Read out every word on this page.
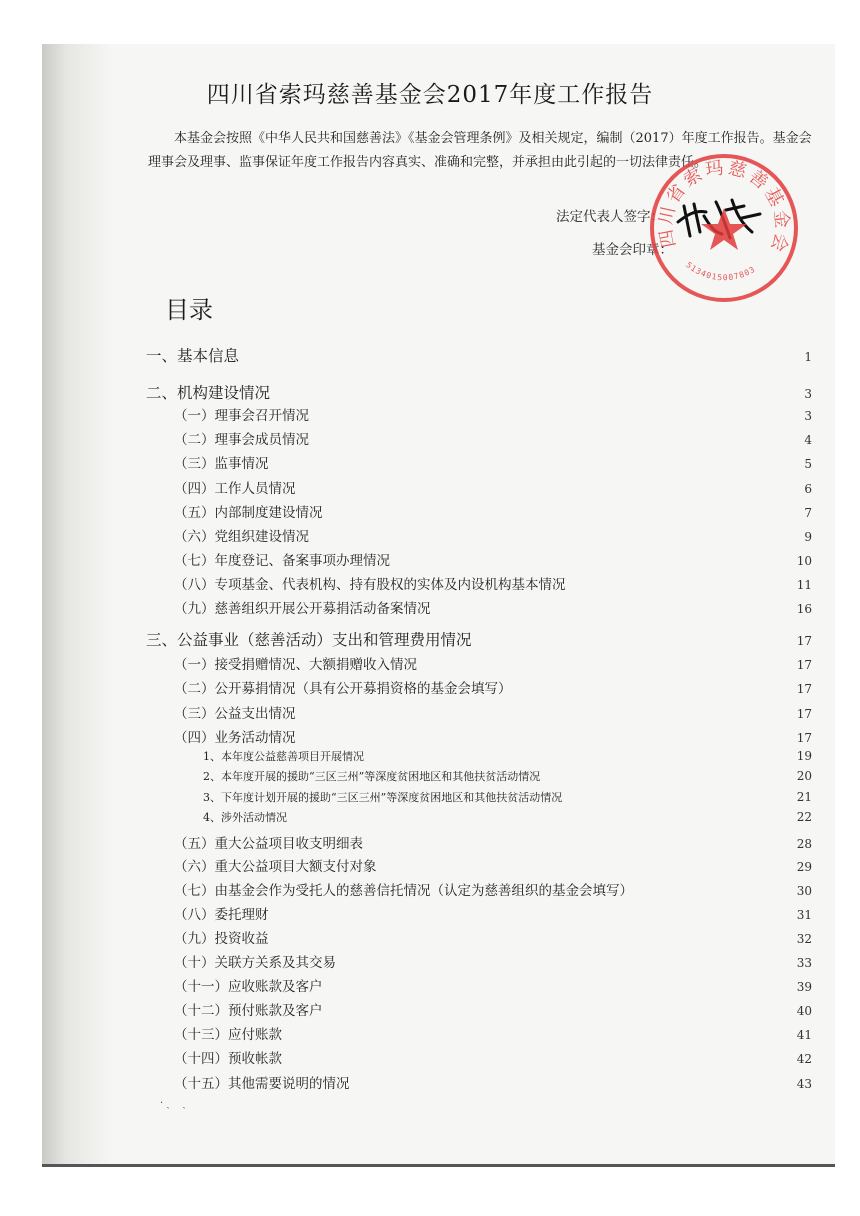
四川省索玛慈善基金会2017年度工作报告
本基金会按照《中华人民共和国慈善法》《基金会管理条例》及相关规定，编制（2017）年度工作报告。基金会理事会及理事、监事保证年度工作报告内容真实、准确和完整，并承担由此引起的一切法律责任。
法定代表人签字：
基金会印章：
四川省索玛慈善基金会
5134015007803
目录
一、基本信息	1
二、机构建设情况	3
（一）理事会召开情况	3
（二）理事会成员情况	4
（三）监事情况	5
（四）工作人员情况	6
（五）内部制度建设情况	7
（六）党组织建设情况	9
（七）年度登记、备案事项办理情况	10
（八）专项基金、代表机构、持有股权的实体及内设机构基本情况	11
（九）慈善组织开展公开募捐活动备案情况	16
三、公益事业（慈善活动）支出和管理费用情况	17
（一）接受捐赠情况、大额捐赠收入情况	17
（二）公开募捐情况（具有公开募捐资格的基金会填写）	17
（三）公益支出情况	17
（四）业务活动情况	17
1、本年度公益慈善项目开展情况	19
2、本年度开展的援助“三区三州”等深度贫困地区和其他扶贫活动情况	20
3、下年度计划开展的援助“三区三州”等深度贫困地区和其他扶贫活动情况	21
4、涉外活动情况	22
（五）重大公益项目收支明细表	28
（六）重大公益项目大额支付对象	29
（七）由基金会作为受托人的慈善信托情况（认定为慈善组织的基金会填写）	30
（八）委托理财	31
（九）投资收益	32
（十）关联方关系及其交易	33
（十一）应收账款及客户	39
（十二）预付账款及客户	40
（十三）应付账款	41
（十四）预收帐款	42
（十五）其他需要说明的情况	43
· ˏ    ˎ
